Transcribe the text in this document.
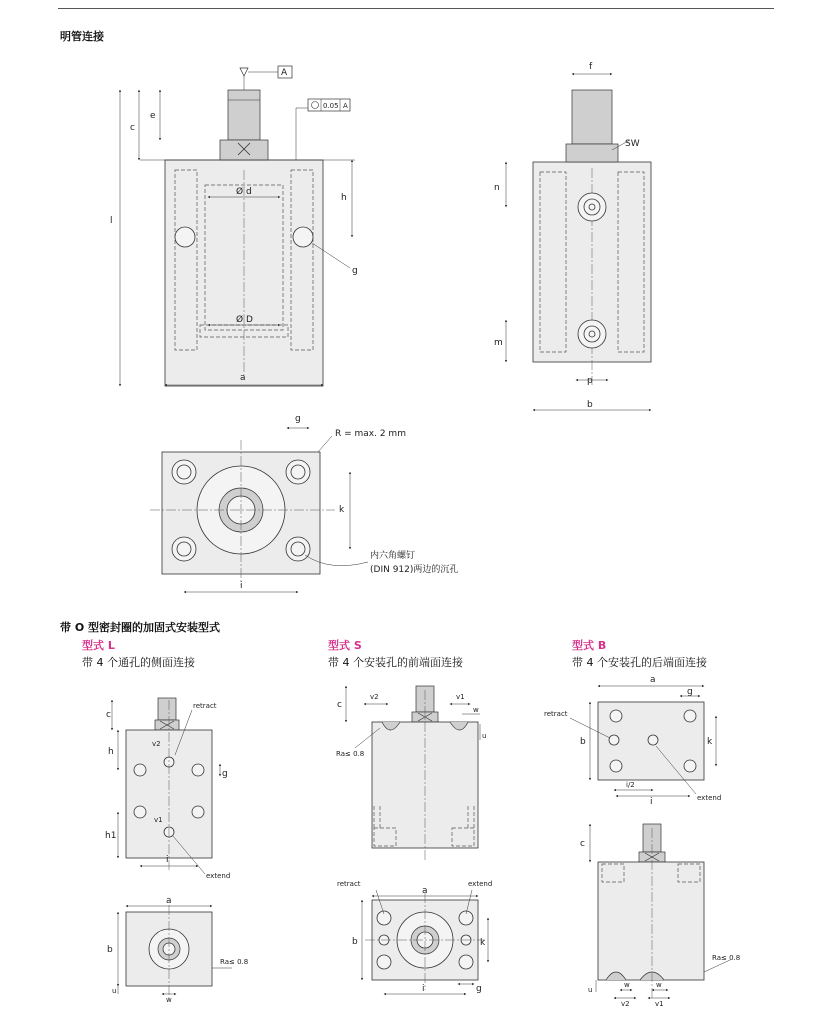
明管连接
带 O 型密封圈的加固式安装型式
型式 L
带 4 个通孔的侧面连接
型式 S
带 4 个安装孔的前端面连接
型式 B
带 4 个安装孔的后端面连接
Ø d
Ø D
l
c
e
h
a
g
A
0.05 A
f
SW
n
m
p
b
g
R = max. 2 mm
k
i
内六角螺钉
(DIN 912)两边的沉孔
c
h
h1
g
i
retract
extend
v2
v1
a
b
Ra≤ 0.8
u
w
c
v2	v1
w
u
Ra≤ 0.8
a
b	k
i	g
retract	extend
a
g
b	k
i/2
i
retract
extend
c
Ra≤ 0.8
u
w
v2
w
v1
